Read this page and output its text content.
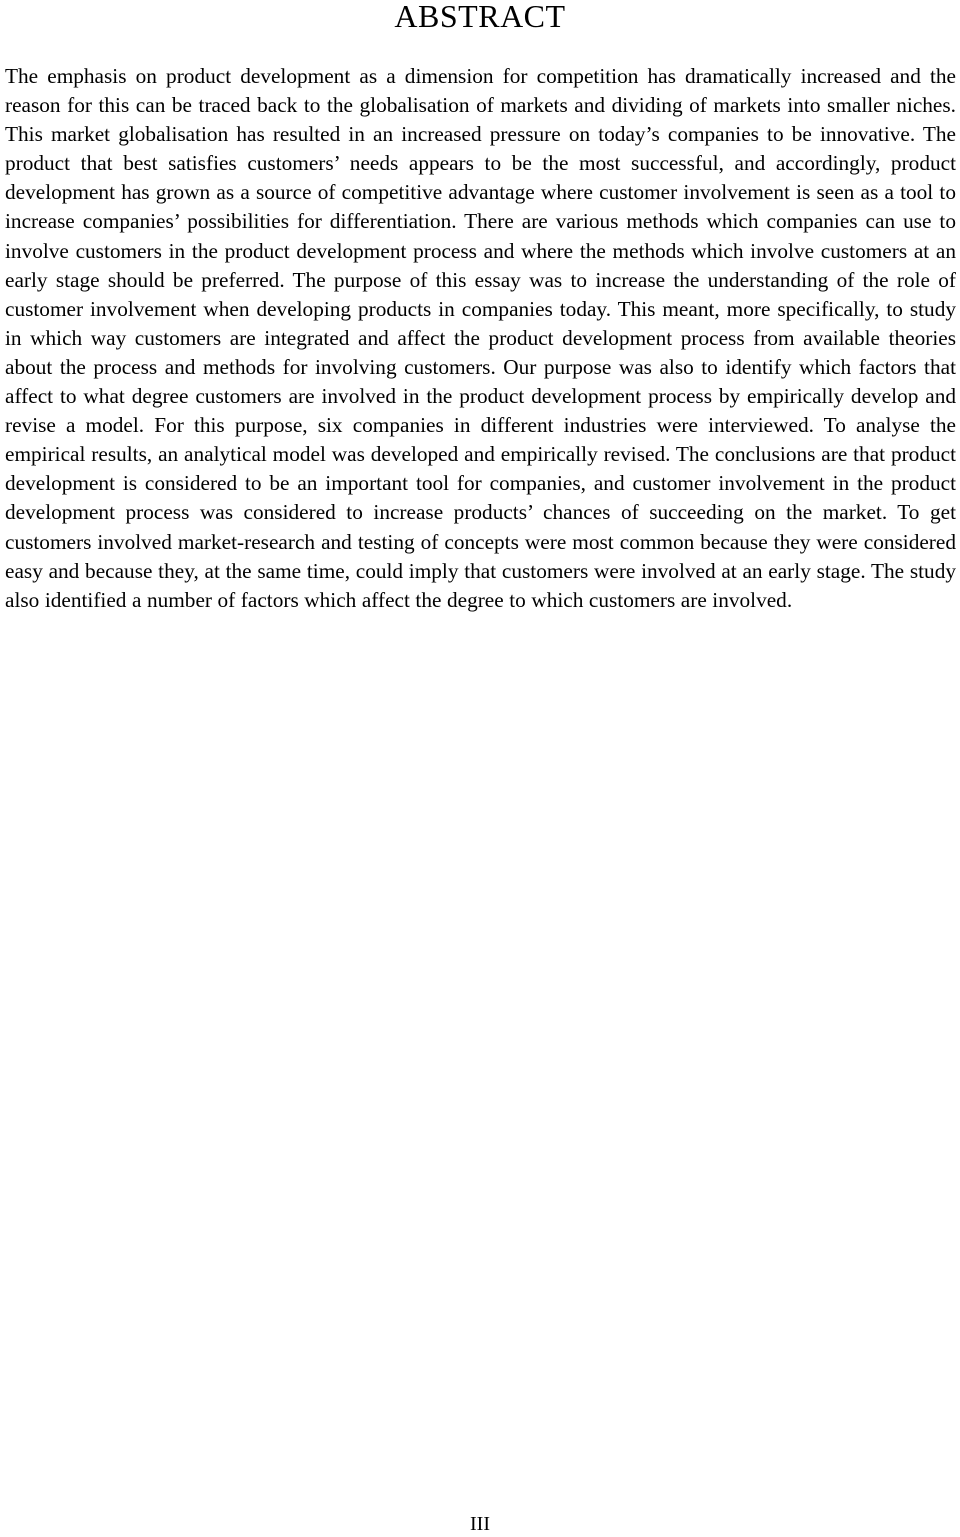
ABSTRACT

The emphasis on product development as a dimension for competition has dramatically increased and the reason for this can be traced back to the globalisation of markets and dividing of markets into smaller niches. This market globalisation has resulted in an increased pressure on today’s companies to be innovative. The product that best satisfies customers’ needs appears to be the most successful, and accordingly, product development has grown as a source of competitive advantage where customer involvement is seen as a tool to increase companies’ possibilities for differentiation. There are various methods which companies can use to involve customers in the product development process and where the methods which involve customers at an early stage should be preferred. The purpose of this essay was to increase the understanding of the role of customer involvement when developing products in companies today. This meant, more specifically, to study in which way customers are integrated and affect the product development process from available theories about the process and methods for involving customers. Our purpose was also to identify which factors that affect to what degree customers are involved in the product development process by empirically develop and revise a model. For this purpose, six companies in different industries were interviewed. To analyse the empirical results, an analytical model was developed and empirically revised. The conclusions are that product development is considered to be an important tool for companies, and customer involvement in the product development process was considered to increase products’ chances of succeeding on the market. To get customers involved market-research and testing of concepts were most common because they were considered easy and because they, at the same time, could imply that customers were involved at an early stage. The study also identified a number of factors which affect the degree to which customers are involved.

III
